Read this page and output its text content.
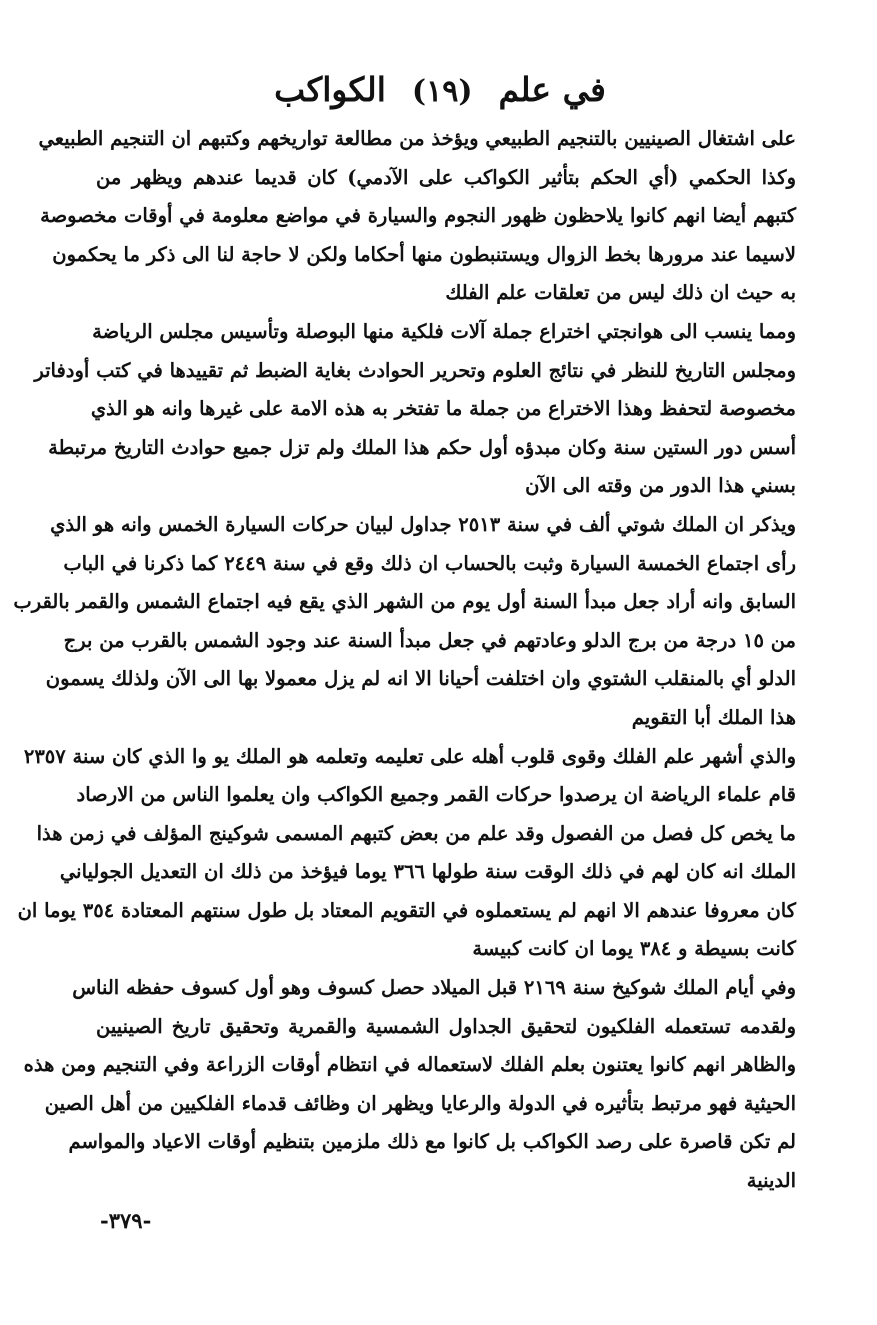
في علم
(١٩)
الكواكب
على اشتغال الصينيين بالتنجيم الطبيعي ويؤخذ من مطالعة تواريخهم وكتبهم ان التنجيم الطبيعي
وكذا الحكمي (أي الحكم بتأثير الكواكب على الآدمي) كان قديما عندهم ويظهر من
كتبهم أيضا انهم كانوا يلاحظون ظهور النجوم والسيارة في مواضع معلومة في أوقات مخصوصة
لاسيما عند مرورها بخط الزوال ويستنبطون منها أحكاما ولكن لا حاجة لنا الى ذكر ما يحكمون
به حيث ان ذلك ليس من تعلقات علم الفلك
ومما ينسب الى هوانجتي اختراع جملة آلات فلكية منها البوصلة وتأسيس مجلس الرياضة
ومجلس التاريخ للنظر في نتائج العلوم وتحرير الحوادث بغاية الضبط ثم تقييدها في كتب أودفاتر
مخصوصة لتحفظ وهذا الاختراع من جملة ما تفتخر به هذه الامة على غيرها وانه هو الذي
أسس دور الستين سنة وكان مبدؤه أول حكم هذا الملك ولم تزل جميع حوادث التاريخ مرتبطة
بسني هذا الدور من وقته الى الآن
ويذكر ان الملك شوتي ألف في سنة ٢٥١٣ جداول لبيان حركات السيارة الخمس وانه هو الذي
رأى اجتماع الخمسة السيارة وثبت بالحساب ان ذلك وقع في سنة ٢٤٤٩ كما ذكرنا في الباب
السابق وانه أراد جعل مبدأ السنة أول يوم من الشهر الذي يقع فيه اجتماع الشمس والقمر بالقرب
من ١٥ درجة من برج الدلو وعادتهم في جعل مبدأ السنة عند وجود الشمس بالقرب من برج
الدلو أي بالمنقلب الشتوي وان اختلفت أحيانا الا انه لم يزل معمولا بها الى الآن ولذلك يسمون
هذا الملك أبا التقويم
والذي أشهر علم الفلك وقوى قلوب أهله على تعليمه وتعلمه هو الملك يو وا الذي كان سنة ٢٣٥٧
قام علماء الرياضة ان يرصدوا حركات القمر وجميع الكواكب وان يعلموا الناس من الارصاد
ما يخص كل فصل من الفصول وقد علم من بعض كتبهم المسمى شوكينج المؤلف في زمن هذا
الملك انه كان لهم في ذلك الوقت سنة طولها ٣٦٦ يوما فيؤخذ من ذلك ان التعديل الجولياني
كان معروفا عندهم الا انهم لم يستعملوه في التقويم المعتاد بل طول سنتهم المعتادة ٣٥٤ يوما ان
كانت بسيطة و ٣٨٤ يوما ان كانت كبيسة
وفي أيام الملك شوكيخ سنة ٢١٦٩ قبل الميلاد حصل كسوف وهو أول كسوف حفظه الناس
ولقدمه تستعمله الفلكيون لتحقيق الجداول الشمسية والقمرية وتحقيق تاريخ الصينيين
والظاهر انهم كانوا يعتنون بعلم الفلك لاستعماله في انتظام أوقات الزراعة وفي التنجيم ومن هذه
الحيثية فهو مرتبط بتأثيره في الدولة والرعايا ويظهر ان وظائف قدماء الفلكيين من أهل الصين
لم تكن قاصرة على رصد الكواكب بل كانوا مع ذلك ملزمين بتنظيم أوقات الاعياد والمواسم
الدينية
-٣٧٩-
